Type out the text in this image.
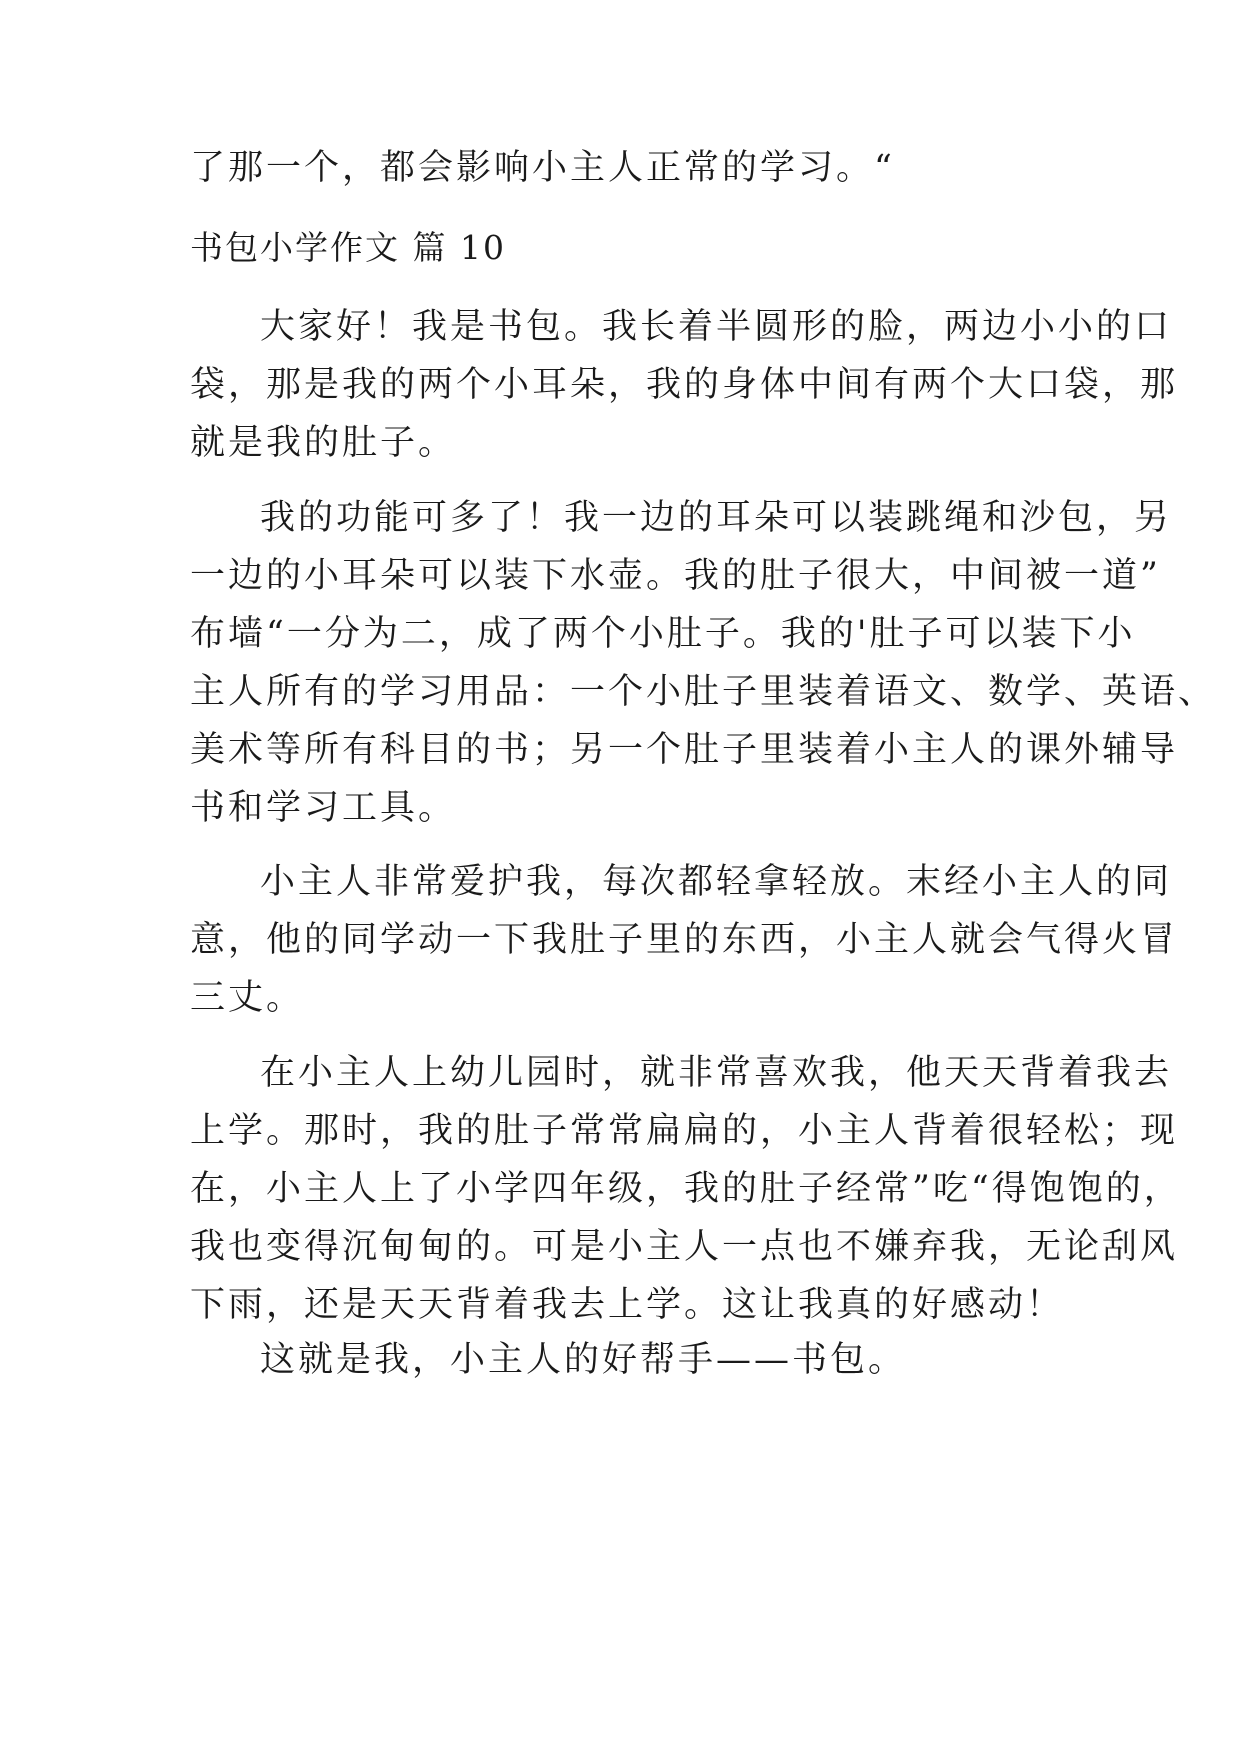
了那一个，都会影响小主人正常的学习。“
书包小学作文 篇 10
大家好！我是书包。我长着半圆形的脸，两边小小的口
袋，那是我的两个小耳朵，我的身体中间有两个大口袋，那
就是我的肚子。
我的功能可多了！我一边的耳朵可以装跳绳和沙包，另
一边的小耳朵可以装下水壶。我的肚子很大，中间被一道”
布墙“一分为二，成了两个小肚子。我的'肚子可以装下小
主人所有的学习用品：一个小肚子里装着语文、数学、英语、
美术等所有科目的书；另一个肚子里装着小主人的课外辅导
书和学习工具。
小主人非常爱护我，每次都轻拿轻放。末经小主人的同
意，他的同学动一下我肚子里的东西，小主人就会气得火冒
三丈。
在小主人上幼儿园时，就非常喜欢我，他天天背着我去
上学。那时，我的肚子常常扁扁的，小主人背着很轻松；现
在，小主人上了小学四年级，我的肚子经常”吃“得饱饱的，
我也变得沉甸甸的。可是小主人一点也不嫌弃我，无论刮风
下雨，还是天天背着我去上学。这让我真的好感动！
这就是我，小主人的好帮手——书包。
